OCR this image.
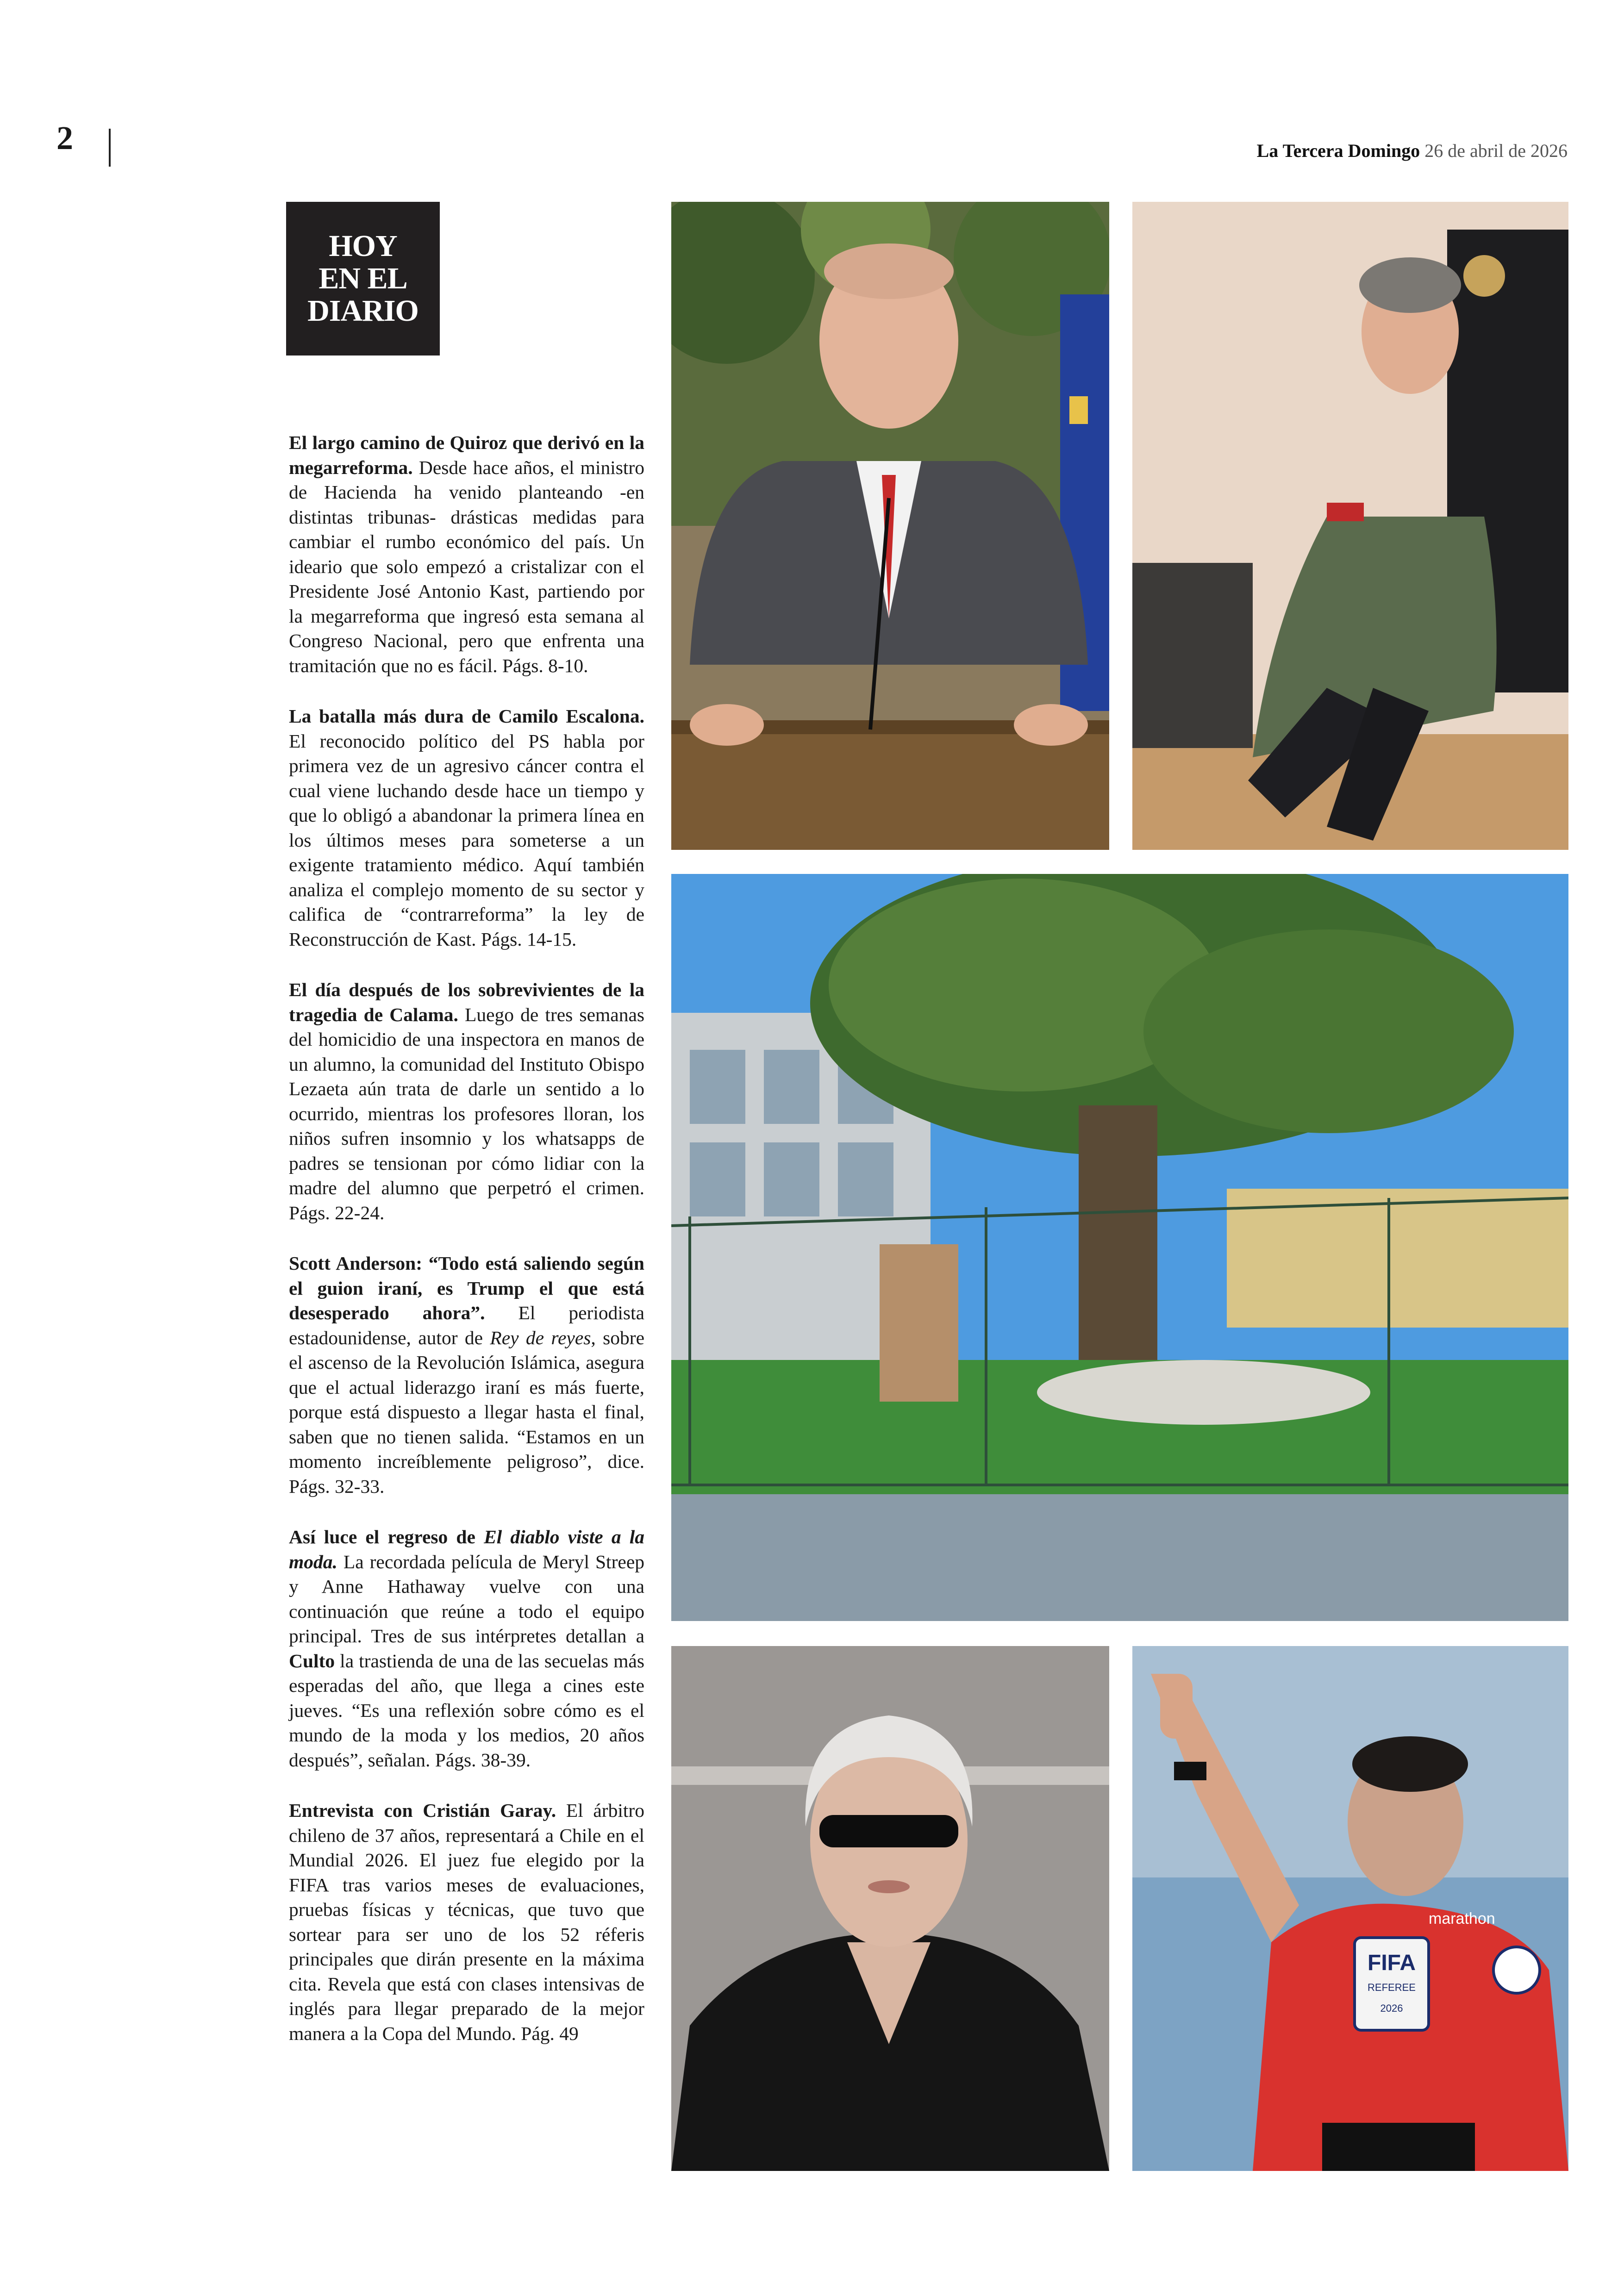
2	La Tercera Domingo 26 de abril de 2026
HOY
EN EL
DIARIO

El largo camino de Quiroz que derivó en la megarreforma. Desde hace años, el ministro de Hacienda ha venido planteando -en distintas tribunas- drásticas medidas para cambiar el rumbo económico del país. Un ideario que solo empezó a cristalizar con el Presidente José Antonio Kast, partiendo por la megarreforma que ingresó esta semana al Congreso Nacional, pero que enfrenta una tramitación que no es fácil. Págs. 8-10.

La batalla más dura de Camilo Escalona. El reconocido político del PS habla por primera vez de un agresivo cáncer contra el cual viene luchando desde hace un tiempo y que lo obligó a abandonar la primera línea en los últimos meses para someterse a un exigente tratamiento médico. Aquí también analiza el complejo momento de su sector y califica de “contrarreforma” la ley de Reconstrucción de Kast. Págs. 14-15.

El día después de los sobrevivientes de la tragedia de Calama. Luego de tres semanas del homicidio de una inspectora en manos de un alumno, la comunidad del Instituto Obispo Lezaeta aún trata de darle un sentido a lo ocurrido, mientras los profesores lloran, los niños sufren insomnio y los whatsapps de padres se tensionan por cómo lidiar con la madre del alumno que perpetró el crimen. Págs. 22-24.

Scott Anderson: “Todo está saliendo según el guion iraní, es Trump el que está desesperado ahora”. El periodista estadounidense, autor de Rey de reyes, sobre el ascenso de la Revolución Islámica, asegura que el actual liderazgo iraní es más fuerte, porque está dispuesto a llegar hasta el final, saben que no tienen salida. “Estamos en un momento increíblemente peligroso”, dice. Págs. 32-33.

Así luce el regreso de El diablo viste a la moda. La recordada película de Meryl Streep y Anne Hathaway vuelve con una continuación que reúne a todo el equipo principal. Tres de sus intérpretes detallan a Culto la trastienda de una de las secuelas más esperadas del año, que llega a cines este jueves. “Es una reflexión sobre cómo es el mundo de la moda y los medios, 20 años después”, señalan. Págs. 38-39.

Entrevista con Cristián Garay. El árbitro chileno de 37 años, representará a Chile en el Mundial 2026. El juez fue elegido por la FIFA tras varios meses de evaluaciones, pruebas físicas y técnicas, que tuvo que sortear para ser uno de los 52 réferis principales que dirán presente en la máxima cita. Revela que está con clases intensivas de inglés para llegar preparado de la mejor manera a la Copa del Mundo. Pág. 49

FIFA
REFEREE
2026
marathon
